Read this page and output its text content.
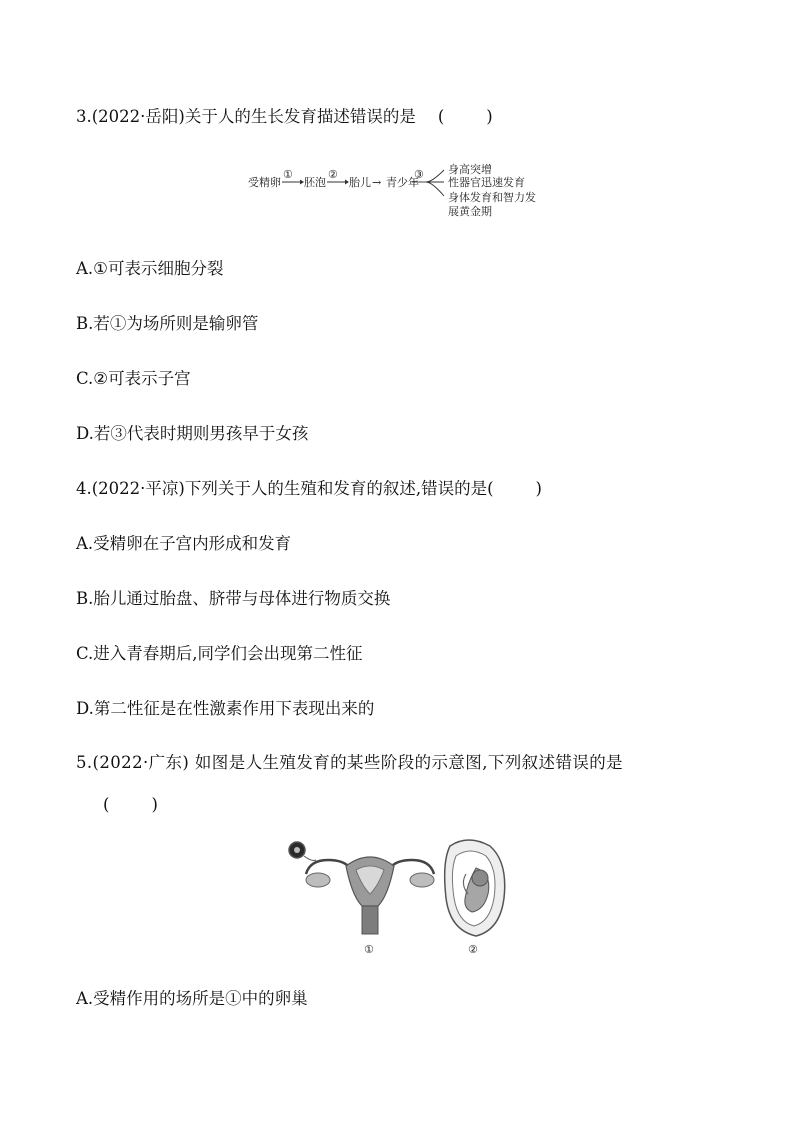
3.(2022·岳阳)关于人的生长发育描述错误的是 (	)
受精卵
①
胚泡
②
胎儿 → 青少年
③ 身高突增
性器官迅速发育
身体发育和智力发
展黄金期
A.①可表示细胞分裂
B.若①为场所则是输卵管
C.②可表示子宫
D.若③代表时期则男孩早于女孩
4.(2022·平凉)下列关于人的生殖和发育的叙述,错误的是(	)
A.受精卵在子宫内形成和发育
B.胎儿通过胎盘、脐带与母体进行物质交换
C.进入青春期后,同学们会出现第二性征
D.第二性征是在性激素作用下表现出来的
5.(2022·广东) 如图是人生殖发育的某些阶段的示意图,下列叙述错误的是
(	)
①	②
A.受精作用的场所是①中的卵巢
